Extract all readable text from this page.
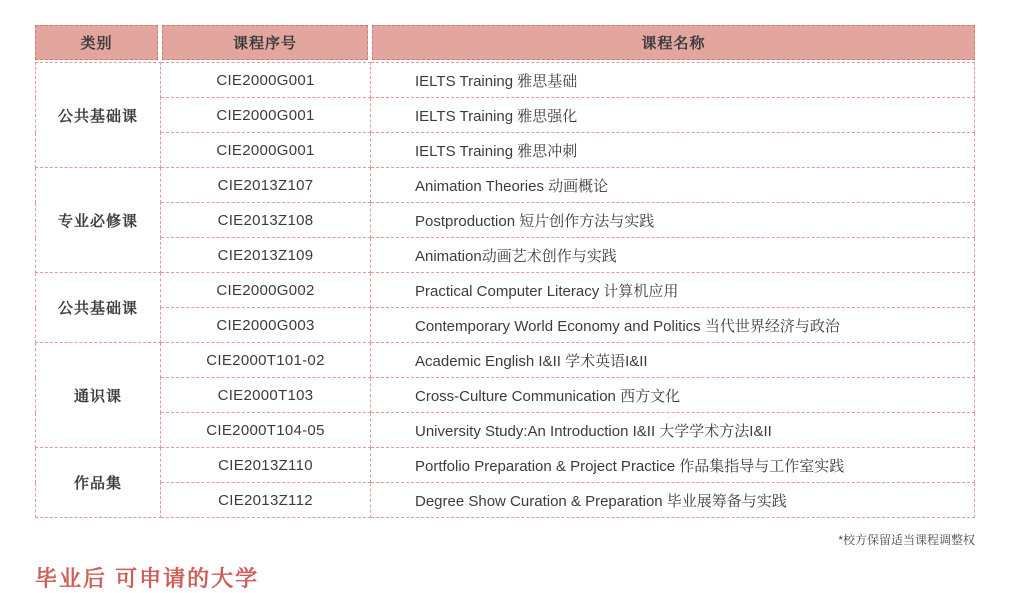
类别	课程序号	课程名称
公共基础课	CIE2000G001	IELTS Training 雅思基础
	CIE2000G001	IELTS Training 雅思强化
	CIE2000G001	IELTS Training 雅思冲刺
专业必修课	CIE2013Z107	Animation Theories 动画概论
	CIE2013Z108	Postproduction 短片创作方法与实践
	CIE2013Z109	Animation动画艺术创作与实践
公共基础课	CIE2000G002	Practical Computer Literacy 计算机应用
	CIE2000G003	Contemporary World Economy and Politics 当代世界经济与政治
通识课	CIE2000T101-02	Academic English I&II 学术英语I&II
	CIE2000T103	Cross-Culture Communication 西方文化
	CIE2000T104-05	University Study:An Introduction I&II 大学学术方法I&II
作品集	CIE2013Z110	Portfolio Preparation & Project Practice 作品集指导与工作室实践
	CIE2013Z112	Degree Show Curation & Preparation 毕业展筹备与实践
*校方保留适当课程调整权
毕业后 可申请的大学
